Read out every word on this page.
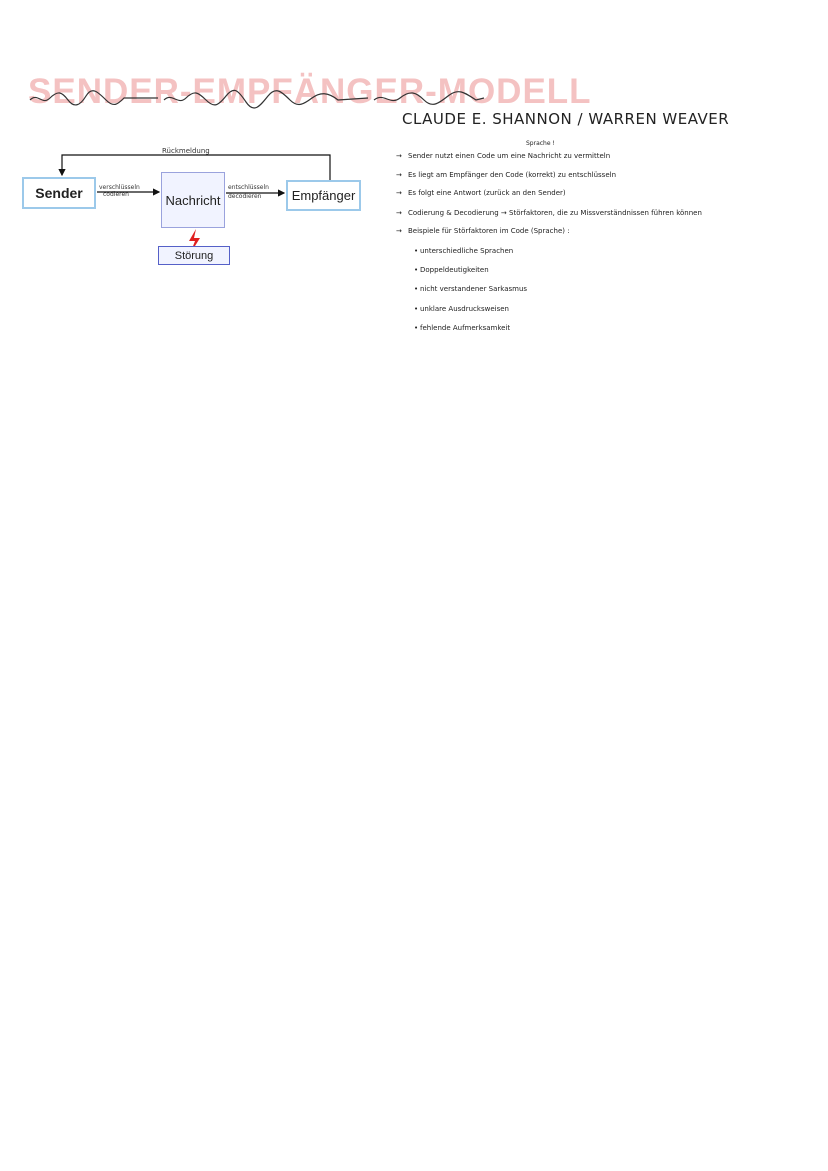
SENDER-EMPFÄNGER-MODELL
CLAUDE E. SHANNON / WARREN WEAVER
Rückmeldung
Sender	Nachricht	Empfänger
Störung
verschlüsseln
codieren
entschlüsseln
decodieren
Sprache !
→ Sender nutzt einen Code um eine Nachricht zu vermitteln
→ Es liegt am Empfänger den Code (korrekt) zu entschlüsseln
→ Es folgt eine Antwort (zurück an den Sender)
→ Codierung & Decodierung → Störfaktoren, die zu Missverständnissen führen können
→ Beispiele für Störfaktoren im Code (Sprache) :
• unterschiedliche Sprachen
• Doppeldeutigkeiten
• nicht verstandener Sarkasmus
• unklare Ausdrucksweisen
• fehlende Aufmerksamkeit
